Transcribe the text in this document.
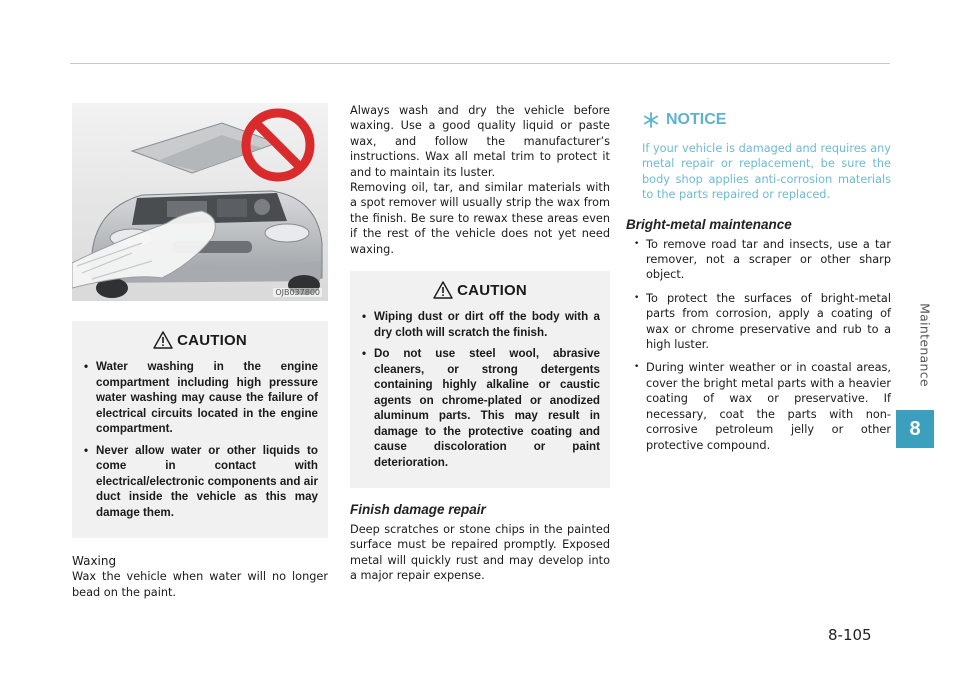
OJB037800
CAUTION
• Water washing in the engine compartment including high pressure water washing may cause the failure of electrical circuits located in the engine compartment.
• Never allow water or other liquids to come in contact with electrical/electronic components and air duct inside the vehicle as this may damage them.

Waxing

Wax the vehicle when water will no longer bead on the paint.

Always wash and dry the vehicle before waxing. Use a good quality liquid or paste wax, and follow the manufacturer’s instructions. Wax all metal trim to protect it and to maintain its luster.

Removing oil, tar, and similar materials with a spot remover will usually strip the wax from the finish. Be sure to rewax these areas even if the rest of the vehicle does not yet need waxing.

CAUTION
• Wiping dust or dirt off the body with a dry cloth will scratch the finish.
• Do not use steel wool, abrasive cleaners, or strong detergents containing highly alkaline or caustic agents on chrome-plated or anodized aluminum parts. This may result in damage to the protective coating and cause discoloration or paint deterioration.

Finish damage repair

Deep scratches or stone chips in the painted surface must be repaired promptly. Exposed metal will quickly rust and may develop into a major repair expense.

NOTICE

If your vehicle is damaged and requires any metal repair or replacement, be sure the body shop applies anti-corrosion materials to the parts repaired or replaced.

Bright-metal maintenance

• To remove road tar and insects, use a tar remover, not a scraper or other sharp object.
• To protect the surfaces of bright-metal parts from corrosion, apply a coating of wax or chrome preservative and rub to a high luster.
• During winter weather or in coastal areas, cover the bright metal parts with a heavier coating of wax or preservative. If necessary, coat the parts with non-corrosive petroleum jelly or other protective compound.
Maintenance
8
8-105
